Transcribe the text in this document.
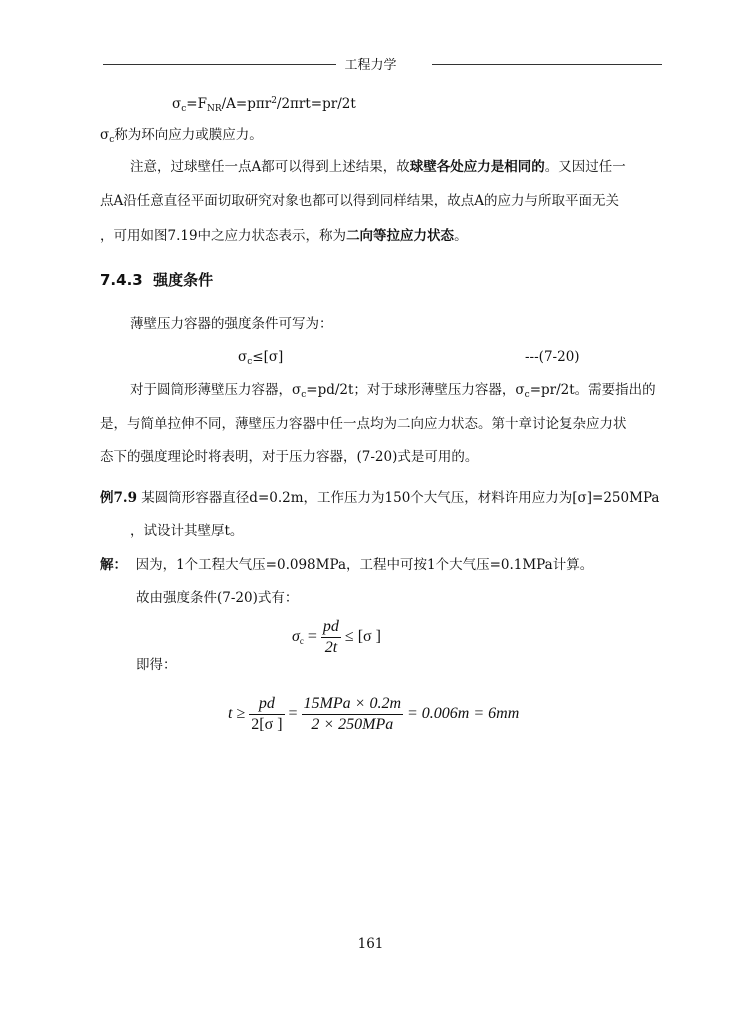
工程力学
$\sigma_c=F_{NR}/A=p\pi r^2/2\pi rt=pr/2t$
$\sigma_c$称为环向应力或膜应力。
注意，过球壁任一点A都可以得到上述结果，故球壁各处应力是相同的。又因过任一
点A沿任意直径平面切取研究对象也都可以得到同样结果，故点A的应力与所取平面无关
，可用如图7.19中之应力状态表示，称为二向等拉应力状态。
7.4.3 强度条件
薄壁压力容器的强度条件可写为：
$\sigma_c\le[\sigma]$	---(7-20)
对于圆筒形薄壁压力容器，$\sigma_c=pd/2t$；对于球形薄壁压力容器，$\sigma_c=pr/2t$。需要指出的
是，与简单拉伸不同，薄壁压力容器中任一点均为二向应力状态。第十章讨论复杂应力状
态下的强度理论时将表明，对于压力容器，(7-20)式是可用的。
例7.9 某圆筒形容器直径d=0.2m，工作压力为150个大气压，材料许用应力为[σ]=250MPa
，试设计其壁厚t。
解： 因为，1个工程大气压=0.098MPa，工程中可按1个大气压=0.1MPa计算。
故由强度条件(7-20)式有：
$\sigma_c = \frac{pd}{2t} \le [\sigma$ ]
即得：
$t \ge \frac{pd}{2[\sigma ]} = \frac{\text{15MPa × 0.2m}}{\text{2 × 250MPa}} = 0.006m = 6mm$
161
